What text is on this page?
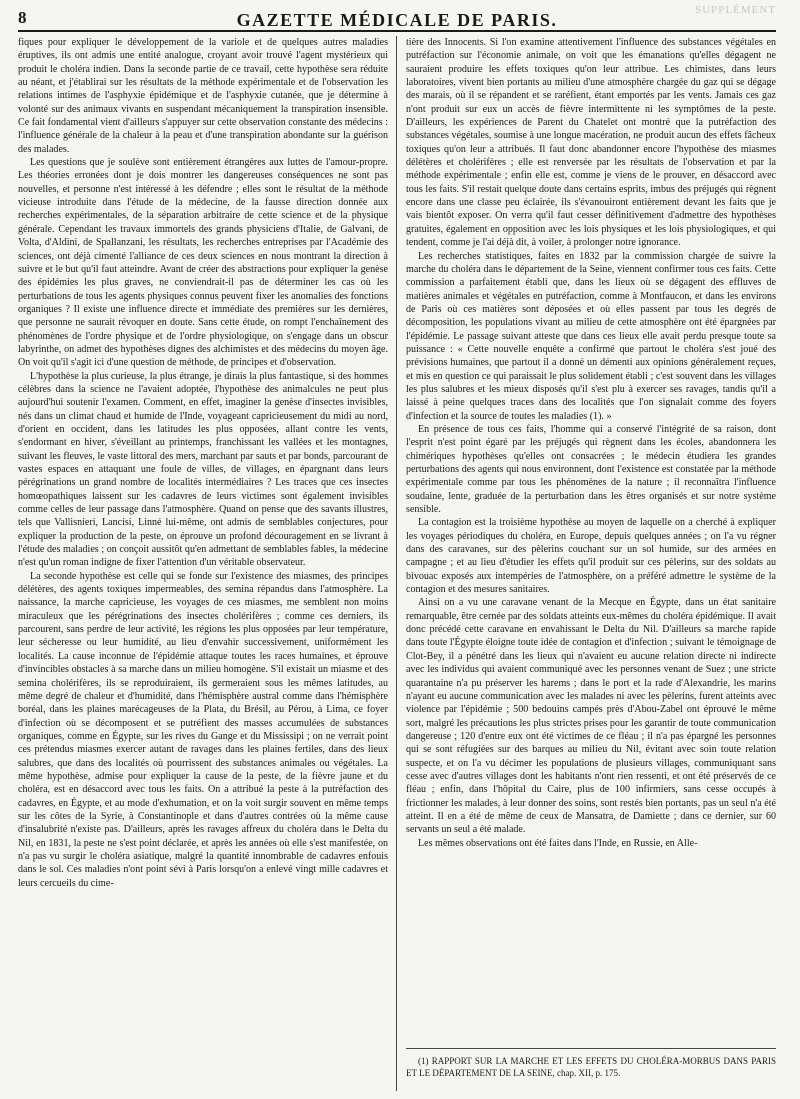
8	GAZETTE MÉDICALE DE PARIS.	SUPPLÉMENT

fiques pour expliquer le développement de la variole et de quelques autres maladies éruptives, ils ont admis une entité analogue, croyant avoir trouvé l'agent mystérieux qui produit le choléra indien. Dans la seconde partie de ce travail, cette hypothèse sera réduite au néant, et j'établirai sur les résultats de la méthode expérimentale et de l'observation les relations intimes de l'asphyxie épidémique et de l'asphyxie cutanée, que je détermine à volonté sur des animaux vivants en suspendant mécaniquement la transpiration insensible. Ce fait fondamental vient d'ailleurs s'appuyer sur cette observation constante des médecins : l'influence générale de la chaleur à la peau et d'une transpiration abondante sur la guérison des malades.

Les questions que je soulève sont entièrement étrangères aux luttes de l'amour-propre. Les théories erronées dont je dois montrer les dangereuses conséquences ne sont pas nouvelles, et personne n'est intéressé à les défendre ; elles sont le résultat de la méthode vicieuse introduite dans l'étude de la médecine, de la fausse direction donnée aux recherches expérimentales, de la séparation arbitraire de cette science et de la physique générale. Cependant les travaux immortels des grands physiciens d'Italie, de Galvani, de Volta, d'Aldini, de Spallanzani, les résultats, les recherches entreprises par l'Académie des sciences, ont déjà cimenté l'alliance de ces deux sciences en nous montrant la direction à suivre et le but qu'il faut atteindre. Avant de créer des abstractions pour expliquer la genèse des épidémies les plus graves, ne conviendrait-il pas de déterminer les cas où les perturbations de tous les agents physiques connus peuvent fixer les anomalies des fonctions organiques ? Il existe une influence directe et immédiate des premières sur les dernières, que personne ne saurait révoquer en doute. Sans cette étude, on rompt l'enchaînement des phénomènes de l'ordre physique et de l'ordre physiologique, on s'engage dans un obscur labyrinthe, on admet des hypothèses dignes des alchimistes et des médecins du moyen âge. On voit qu'il s'agit ici d'une question de méthode, de principes et d'observation.

L'hypothèse la plus curieuse, la plus étrange, je dirais la plus fantastique, si des hommes célèbres dans la science ne l'avaient adoptée, l'hypothèse des animalcules ne peut plus aujourd'hui soutenir l'examen. Comment, en effet, imaginer la genèse d'insectes invisibles, nés dans un climat chaud et humide de l'Inde, voyageant capricieusement du midi au nord, d'orient en occident, dans les latitudes les plus opposées, allant contre les vents, s'endormant en hiver, s'éveillant au printemps, franchissant les vallées et les montagnes, suivant les fleuves, le vaste littoral des mers, marchant par sauts et par bonds, parcourant de vastes espaces en attaquant une foule de villes, de villages, en épargnant dans leurs pérégrinations un grand nombre de localités intermédiaires ? Les traces que ces insectes homœopathiques laissent sur les cadavres de leurs victimes sont également invisibles comme celles de leur passage dans l'atmosphère. Quand on pense que des savants illustres, tels que Vallisnieri, Lancisi, Linné lui-même, ont admis de semblables conjectures, pour expliquer la production de la peste, on éprouve un profond découragement en se livrant à l'étude des maladies ; on conçoit aussitôt qu'en admettant de semblables fables, la médecine n'est qu'un roman indigne de fixer l'attention d'un véritable observateur.

La seconde hypothèse est celle qui se fonde sur l'existence des miasmes, des principes délétères, des agents toxiques impermeables, des semina répandus dans l'atmosphère. La naissance, la marche capricieuse, les voyages de ces miasmes, me semblent non moins miraculeux que les pérégrinations des insectes cholérifères ; comme ces derniers, ils parcourent, sans perdre de leur activité, les régions les plus opposées par leur température, leur sécheresse ou leur humidité, au lieu d'envahir successivement, uniformément les localités. La cause inconnue de l'épidémie attaque toutes les races humaines, et éprouve d'invincibles obstacles à sa marche dans un milieu homogène. S'il existait un miasme et des semina cholérifères, ils se reproduiraient, ils germeraient sous les mêmes latitudes, au même degré de chaleur et d'humidité, dans l'hémisphère austral comme dans l'hémisphère boréal, dans les plaines marécageuses de la Plata, du Brésil, au Pérou, à Lima, ce foyer d'infection où se décomposent et se putréfient des masses accumulées de substances organiques, comme en Égypte, sur les rives du Gange et du Mississipi ; on ne verrait point ces prétendus miasmes exercer autant de ravages dans les plaines fertiles, dans des lieux salubres, que dans des localités où pourrissent des substances animales ou végétales. La même hypothèse, admise pour expliquer la cause de la peste, de la fièvre jaune et du choléra, est en désaccord avec tous les faits. On a attribué la peste à la putréfaction des cadavres, en Égypte, et au mode d'exhumation, et on la voit surgir souvent en même temps sur les côtes de la Syrie, à Constantinople et dans d'autres contrées où la même cause d'insalubrité n'existe pas. D'ailleurs, après les ravages affreux du choléra dans le Delta du Nil, en 1831, la peste ne s'est point déclarée, et après les années où elle s'est manifestée, on n'a pas vu surgir le choléra asiatique, malgré la quantité innombrable de cadavres enfouis dans le sol. Ces maladies n'ont point sévi à Paris lorsqu'on a enlevé vingt mille cadavres et leurs cercueils du cime-

tière des Innocents. Si l'on examine attentivement l'influence des substances végétales en putréfaction sur l'économie animale, on voit que les émanations qu'elles dégagent ne sauraient produire les effets toxiques qu'on leur attribue. Les chimistes, dans leurs laboratoires, vivent bien portants au milieu d'une atmosphère chargée du gaz qui se dégage des marais, où il se répandent et se raréfient, étant emportés par les vents. Jamais ces gaz n'ont produit sur eux un accès de fièvre intermittente ni les symptômes de la peste. D'ailleurs, les expériences de Parent du Chatelet ont montré que la putréfaction des substances végétales, soumise à une longue macération, ne produit aucun des effets fâcheux toxiques qu'on leur a attribués. Il faut donc abandonner encore l'hypothèse des miasmes délétères et cholérifères ; elle est renversée par les résultats de l'observation et par la méthode expérimentale ; enfin elle est, comme je viens de le prouver, en désaccord avec tous les faits. S'il restait quelque doute dans certains esprits, imbus des préjugés qui règnent encore dans une classe peu éclairée, ils s'évanouiront entièrement devant les faits que je vais bientôt exposer. On verra qu'il faut cesser définitivement d'admettre des hypothèses gratuites, également en opposition avec les lois physiques et les lois physiologiques, et qui tendent, comme je l'ai déjà dit, à voiler, à prolonger notre ignorance.

Les recherches statistiques, faites en 1832 par la commission chargée de suivre la marche du choléra dans le département de la Seine, viennent confirmer tous ces faits. Cette commission a parfaitement établi que, dans les lieux où se dégagent des effluves de matières animales et végétales en putréfaction, comme à Montfaucon, et dans les environs de Paris où ces matières sont déposées et où elles passent par tous les degrés de décomposition, les populations vivant au milieu de cette atmosphère ont été épargnées par l'épidémie. Le passage suivant atteste que dans ces lieux elle avait perdu presque toute sa puissance : « Cette nouvelle enquête a confirmé que partout le choléra s'est joué des prévisions humaines, que partout il a donné un démenti aux opinions généralement reçues, et mis en question ce qui paraissait le plus solidement établi ; c'est souvent dans les villages les plus salubres et les mieux disposés qu'il s'est plu à exercer ses ravages, tandis qu'il a laissé à peine quelques traces dans des localités que l'on signalait comme des foyers d'infection et la source de toutes les maladies (1). »

En présence de tous ces faits, l'homme qui a conservé l'intégrité de sa raison, dont l'esprit n'est point égaré par les préjugés qui règnent dans les écoles, abandonnera les chimériques hypothèses qu'elles ont consacrées ; le médecin étudiera les grandes perturbations des agents qui nous environnent, dont l'existence est constatée par la méthode expérimentale comme par tous les phénomènes de la nature ; il reconnaîtra l'influence soudaine, lente, graduée de la perturbation dans les êtres organisés et sur notre système sensible.

La contagion est la troisième hypothèse au moyen de laquelle on a cherché à expliquer les voyages périodiques du choléra, en Europe, depuis quelques années ; on l'a vu régner dans des caravanes, sur des pèlerins couchant sur un sol humide, sur des armées en campagne ; et au lieu d'étudier les effets qu'il produit sur ces pèlerins, sur des soldats au bivouac exposés aux intempéries de l'atmosphère, on a préféré admettre le système de la contagion et des mesures sanitaires.

Ainsi on a vu une caravane venant de la Mecque en Égypte, dans un état sanitaire remarquable, être cernée par des soldats atteints eux-mêmes du choléra épidémique. Il avait donc précédé cette caravane en envahissant le Delta du Nil. D'ailleurs sa marche rapide dans toute l'Égypte éloigne toute idée de contagion et d'infection ; suivant le témoignage de Clot-Bey, il a pénétré dans les lieux qui n'avaient eu aucune relation directe ni indirecte avec les individus qui avaient communiqué avec les personnes venant de Suez ; une stricte quarantaine n'a pu préserver les harems ; dans le port et la rade d'Alexandrie, les marins n'ayant eu aucune communication avec les malades ni avec les pèlerins, furent atteints avec violence par l'épidémie ; 500 bedouins campés près d'Abou-Zabel ont éprouvé le même sort, malgré les précautions les plus strictes prises pour les garantir de toute communication dangereuse ; 120 d'entre eux ont été victimes de ce fléau ; il n'a pas épargné les personnes qui se sont réfugiées sur des barques au milieu du Nil, évitant avec soin toute relation suspecte, et on l'a vu décimer les populations de plusieurs villages, communiquant sans cesse avec d'autres villages dont les habitants n'ont rien ressenti, et ont été préservés de ce fléau ; enfin, dans l'hôpital du Caire, plus de 100 infirmiers, sans cesse occupés à frictionner les malades, à leur donner des soins, sont restés bien portants, pas un seul n'a été atteint. Il en a été de même de ceux de Mansatra, de Damiette ; dans ce dernier, sur 60 servants un seul a été malade.

Les mêmes observations ont été faites dans l'Inde, en Russie, en Alle-

(1) RAPPORT SUR LA MARCHE ET LES EFFETS DU CHOLÉRA-MORBUS DANS PARIS ET LE DÉPARTEMENT DE LA SEINE, chap. XII, p. 175.
